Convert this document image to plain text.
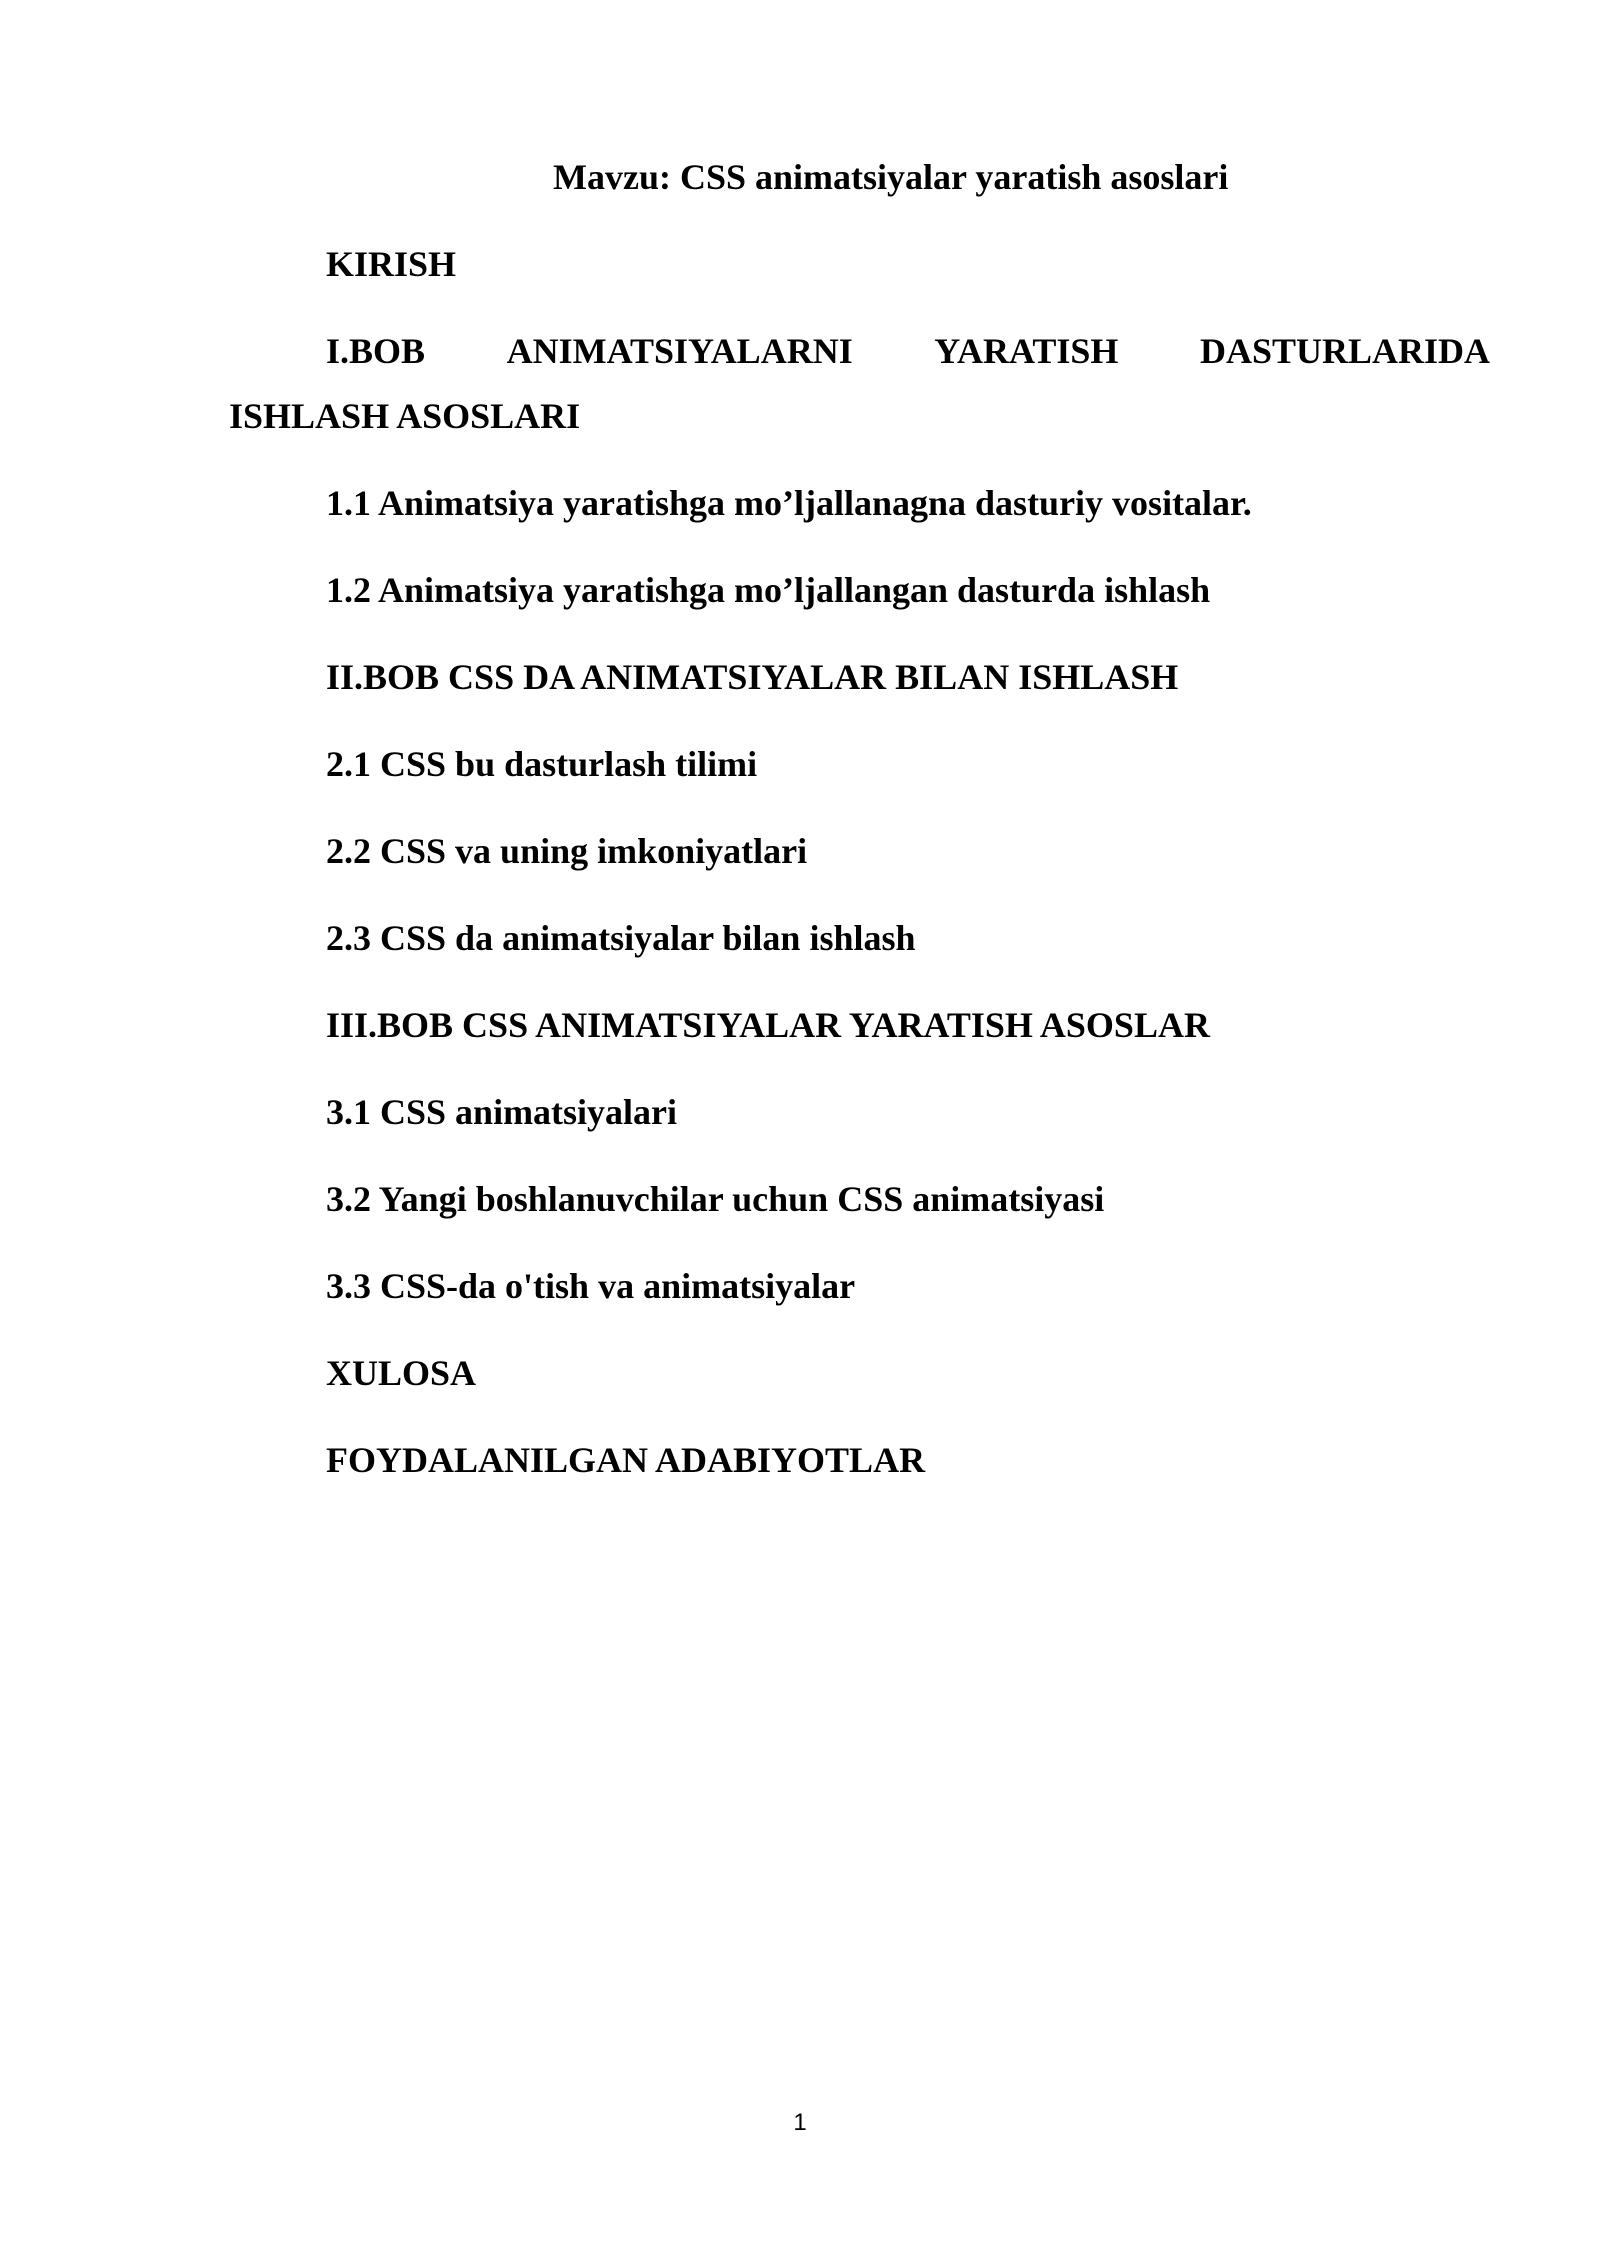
Mavzu: CSS animatsiyalar yaratish asoslari
KIRISH
I.BOB ANIMATSIYALARNI YARATISH DASTURLARIDA
ISHLASH ASOSLARI
1.1 Animatsiya yaratishga mo’ljallanagna dasturiy vositalar.
1.2 Animatsiya yaratishga mo’ljallangan dasturda ishlash
II.BOB CSS DA ANIMATSIYALAR BILAN ISHLASH
2.1 CSS bu dasturlash tilimi
2.2 CSS va uning imkoniyatlari
2.3 CSS da animatsiyalar bilan ishlash
III.BOB CSS ANIMATSIYALAR YARATISH ASOSLAR
3.1 CSS animatsiyalari
3.2 Yangi boshlanuvchilar uchun CSS animatsiyasi
3.3 CSS-da o'tish va animatsiyalar
XULOSA
FOYDALANILGAN ADABIYOTLAR
1
